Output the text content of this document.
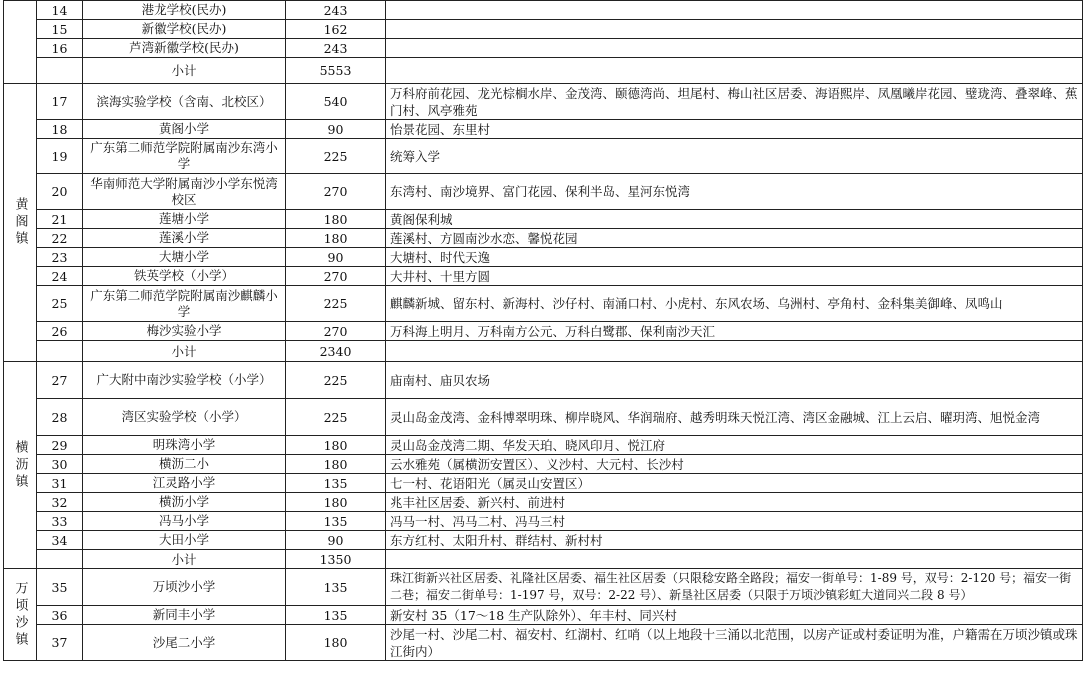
	14	港龙学校(民办)	243	
	15	新徽学校(民办)	162	
	16	芦湾新徽学校(民办)	243	
		小计	5553	
黄阁镇	17	滨海实验学校（含南、北校区）	540	万科府前花园、龙光棕榈水岸、金茂湾、颐德湾尚、坦尾村、梅山社区居委、海语熙岸、凤凰曦岸花园、璧珑湾、叠翠峰、蕉门村、风亭雅苑
	18	黄阁小学	90	怡景花园、东里村
	19	广东第二师范学院附属南沙东湾小学	225	统筹入学
	20	华南师范大学附属南沙小学东悦湾校区	270	东湾村、南沙境界、富门花园、保利半岛、星河东悦湾
	21	莲塘小学	180	黄阁保利城
	22	莲溪小学	180	莲溪村、方圆南沙水恋、馨悦花园
	23	大塘小学	90	大塘村、时代天逸
	24	铁英学校（小学）	270	大井村、十里方圆
	25	广东第二师范学院附属南沙麒麟小学	225	麒麟新城、留东村、新海村、沙仔村、南涌口村、小虎村、东风农场、乌洲村、亭角村、金科集美御峰、凤鸣山
	26	梅沙实验小学	270	万科海上明月、万科南方公元、万科白鹭郡、保利南沙天汇
		小计	2340	
横沥镇	27	广大附中南沙实验学校（小学）	225	庙南村、庙贝农场
	28	湾区实验学校（小学）	225	灵山岛金茂湾、金科博翠明珠、柳岸晓风、华润瑞府、越秀明珠天悦江湾、湾区金融城、江上云启、曜玥湾、旭悦金湾
	29	明珠湾小学	180	灵山岛金茂湾二期、华发天珀、晓风印月、悦江府
	30	横沥二小	180	云水雅苑（属横沥安置区）、义沙村、大元村、长沙村
	31	江灵路小学	135	七一村、花语阳光（属灵山安置区）
	32	横沥小学	180	兆丰社区居委、新兴村、前进村
	33	冯马小学	135	冯马一村、冯马二村、冯马三村
	34	大田小学	90	东方红村、太阳升村、群结村、新村村
		小计	1350	
万顷沙镇	35	万顷沙小学	135	珠江街新兴社区居委、礼隆社区居委、福生社区居委（只限稔安路全路段；福安一街单号：1-89 号，双号：2-120 号；福安一街二巷；福安二街单号：1-197 号，双号：2-22 号）、新垦社区居委（只限于万顷沙镇彩虹大道同兴二段 8 号）
	36	新同丰小学	135	新安村 35（17～18 生产队除外）、年丰村、同兴村
	37	沙尾二小学	180	沙尾一村、沙尾二村、福安村、红湖村、红哨（以上地段十三涌以北范围，以房产证或村委证明为准，户籍需在万顷沙镇或珠江街内）
